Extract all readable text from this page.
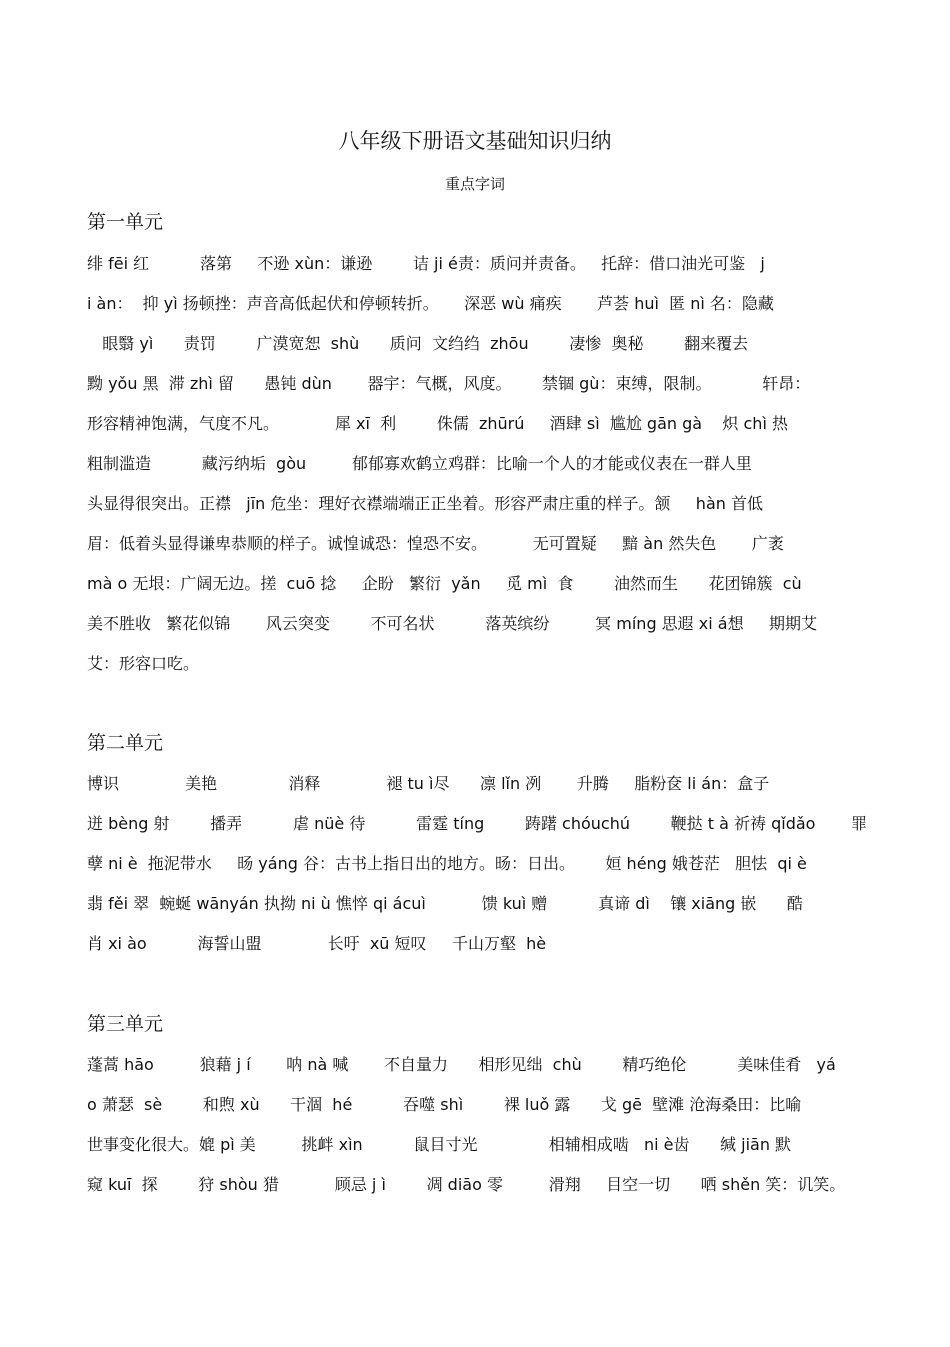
八年级下册语文基础知识归纳
重点字词
第一单元
绯 fēi 红          落第     不逊 xùn：谦逊        诘 ji é责：质问并责备。   托辞：借口油光可鉴   j
i àn：  抑 yì 扬顿挫：声音高低起伏和停顿转折。     深恶 wù 痛疾       芦荟 huì  匿 nì 名：隐藏
眼翳 yì      责罚        广漠宽恕  shù      质问  文绉绉  zhōu        凄惨  奥秘        翻来覆去
黝 yǒu 黑  滞 zhì 留      愚钝 dùn       器宇：气概，风度。      禁锢 gù：束缚，限制。          轩昂：
形容精神饱满，气度不凡。           犀 xī  利        侏儒  zhūrú     酒肆 sì  尴尬 gān gà    炽 chì 热
粗制滥造          藏污纳垢  gòu         郁郁寡欢鹤立鸡群：比喻一个人的才能或仪表在一群人里
头显得很突出。正襟   jīn 危坐：理好衣襟端端正正坐着。形容严肃庄重的样子。颔     hàn 首低
眉：低着头显得谦卑恭顺的样子。诚惶诚恐：惶恐不安。         无可置疑     黯 àn 然失色       广袤
mà o 无垠：广阔无边。搓  cuō 捻     企盼   繁衍  yǎn     觅 mì  食        油然而生      花团锦簇  cù
美不胜收   繁花似锦       风云突变        不可名状          落英缤纷         冥 míng 思遐 xi á想     期期艾
艾：形容口吃。
第二单元
博识             美艳              消释             褪 tu ì尽      凛 lǐn 冽       升腾     脂粉奁 li án：盒子
迸 bèng 射        播弄          虐 nüè 待          雷霆 tíng        踌躇 chóuchú        鞭挞 t à 祈祷 qǐdǎo       罪
孽 ni è  拖泥带水     旸 yáng 谷：古书上指日出的地方。旸：日出。      姮 héng 娥苍茫   胆怯  qi è
翡 fěi 翠  蜿蜒 wānyán 执拗 ni ù 憔悴 qi ácuì           馈 kuì 赠          真谛 dì    镶 xiāng 嵌      酷
肖 xi ào          海誓山盟             长吁  xū 短叹     千山万壑  hè
第三单元
蓬蒿 hāo         狼藉 j í       呐 nà 喊       不自量力      相形见绌  chù        精巧绝伦          美味佳肴   yá
o 萧瑟  sè        和煦 xù      干涸  hé          吞噬 shì        裸 luǒ 露      戈 gē  壁滩 沧海桑田：比喻
世事变化很大。媲 pì 美         挑衅 xìn          鼠目寸光              相辅相成啮   ni è齿      缄 jiān 默
窥 kuī  探        狩 shòu 猎           顾忌 j ì        凋 diāo 零         滑翔     目空一切      哂 shěn 笑：讥笑。
